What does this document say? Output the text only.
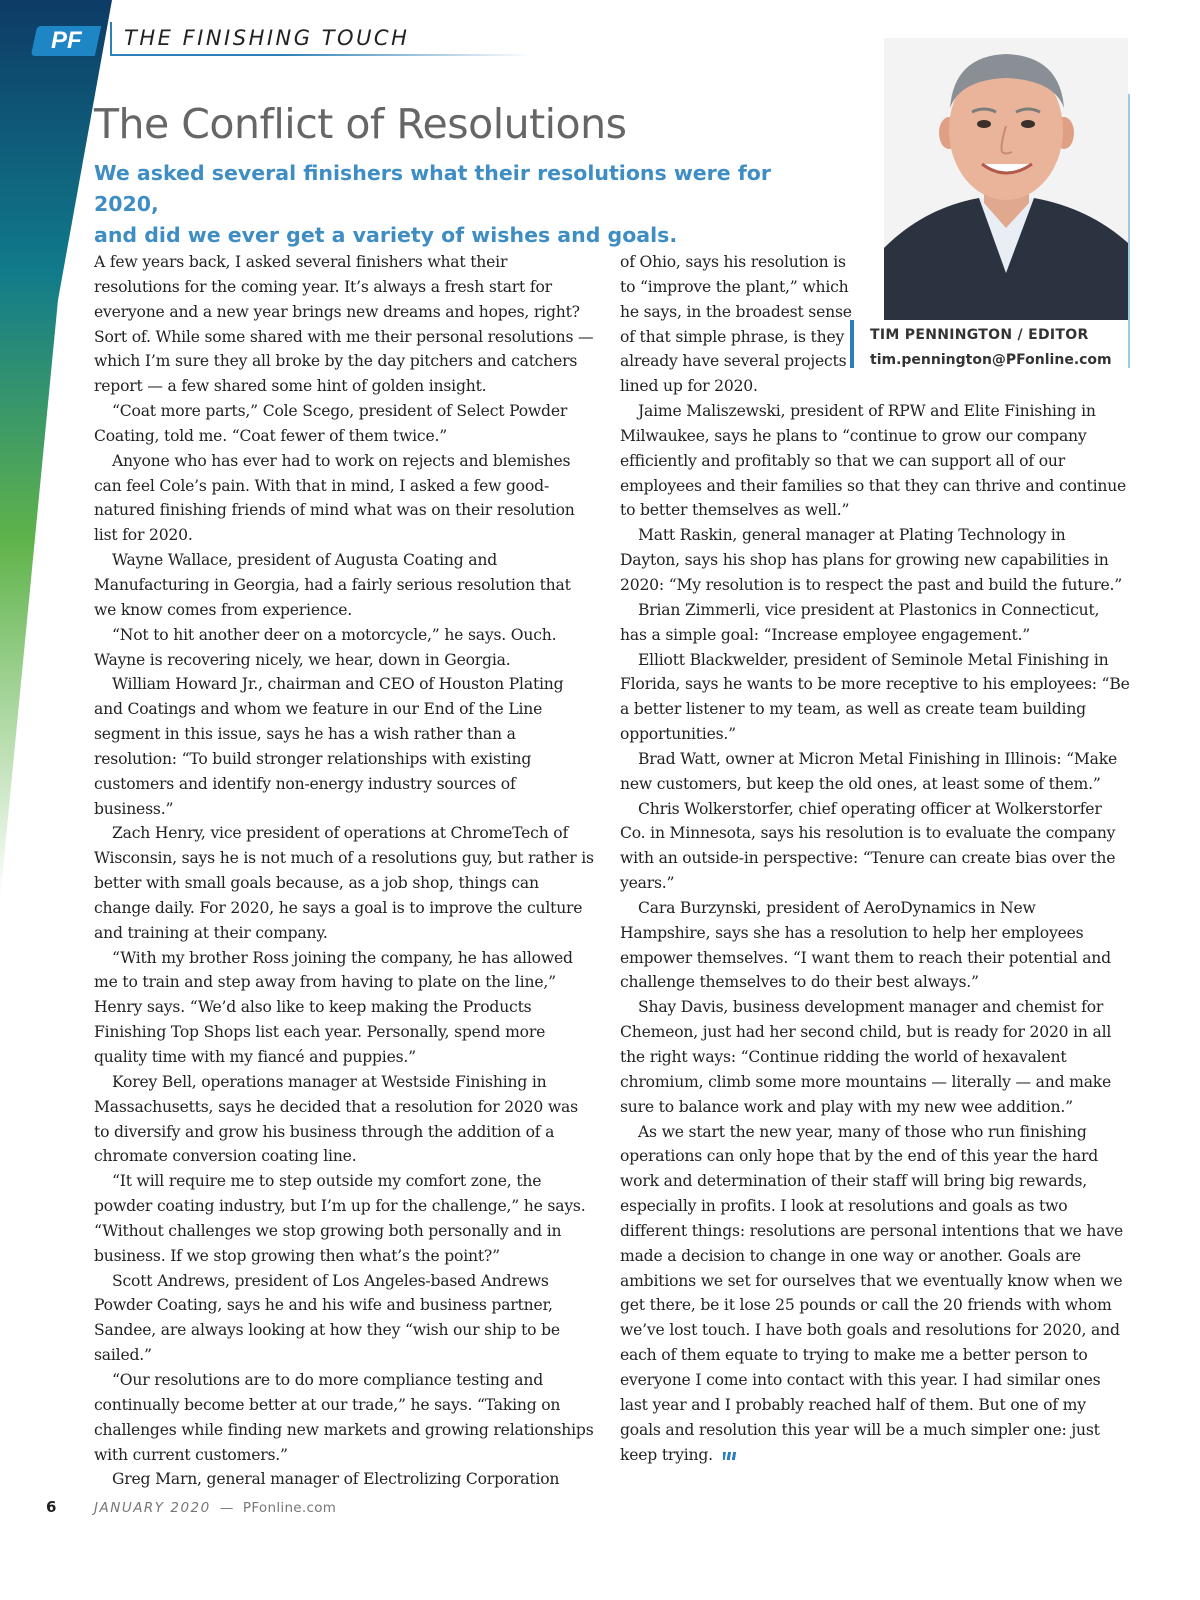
PF	THE FINISHING TOUCH
The Conflict of Resolutions

We asked several finishers what their resolutions were for 2020,
and did we ever get a variety of wishes and goals.

TIM PENNINGTON / EDITOR
tim.pennington@PFonline.com

A few years back, I asked several finishers what their resolutions for the coming year. It’s always a fresh start for everyone and a new year brings new dreams and hopes, right? Sort of. While some shared with me their personal resolutions — which I’m sure they all broke by the day pitchers and catchers report — a few shared some hint of golden insight.

“Coat more parts,” Cole Scego, president of Select Powder Coating, told me. “Coat fewer of them twice.”

Anyone who has ever had to work on rejects and blemishes can feel Cole’s pain. With that in mind, I asked a few good-natured finishing friends of mind what was on their resolution list for 2020.

Wayne Wallace, president of Augusta Coating and Manufacturing in Georgia, had a fairly serious resolution that we know comes from experience.

“Not to hit another deer on a motorcycle,” he says. Ouch. Wayne is recovering nicely, we hear, down in Georgia.

William Howard Jr., chairman and CEO of Houston Plating and Coatings and whom we feature in our End of the Line segment in this issue, says he has a wish rather than a resolution: “To build stronger relationships with existing customers and identify non-energy industry sources of business.”

Zach Henry, vice president of operations at ChromeTech of Wisconsin, says he is not much of a resolutions guy, but rather is better with small goals because, as a job shop, things can change daily. For 2020, he says a goal is to improve the culture and training at their company.

“With my brother Ross joining the company, he has allowed me to train and step away from having to plate on the line,” Henry says. “We’d also like to keep making the Products Finishing Top Shops list each year. Personally, spend more quality time with my fiancé and puppies.”

Korey Bell, operations manager at Westside Finishing in Massachusetts, says he decided that a resolution for 2020 was to diversify and grow his business through the addition of a chromate conversion coating line.

“It will require me to step outside my comfort zone, the powder coating industry, but I’m up for the challenge,” he says. “Without challenges we stop growing both personally and in business. If we stop growing then what’s the point?”

Scott Andrews, president of Los Angeles-based Andrews Powder Coating, says he and his wife and business partner, Sandee, are always looking at how they “wish our ship to be sailed.”

“Our resolutions are to do more compliance testing and continually become better at our trade,” he says. “Taking on challenges while finding new markets and growing relationships with current customers.”

Greg Marn, general manager of Electrolizing Corporation

of Ohio, says his resolution is to “improve the plant,” which he says, in the broadest sense of that simple phrase, is they already have several projects lined up for 2020.

Jaime Maliszewski, president of RPW and Elite Finishing in Milwaukee, says he plans to “continue to grow our company efficiently and profitably so that we can support all of our employees and their families so that they can thrive and continue to better themselves as well.”

Matt Raskin, general manager at Plating Technology in Dayton, says his shop has plans for growing new capabilities in 2020: “My resolution is to respect the past and build the future.”

Brian Zimmerli, vice president at Plastonics in Connecticut, has a simple goal: “Increase employee engagement.”

Elliott Blackwelder, president of Seminole Metal Finishing in Florida, says he wants to be more receptive to his employees: “Be a better listener to my team, as well as create team building opportunities.”

Brad Watt, owner at Micron Metal Finishing in Illinois: “Make new customers, but keep the old ones, at least some of them.”

Chris Wolkerstorfer, chief operating officer at Wolkerstorfer Co. in Minnesota, says his resolution is to evaluate the company with an outside-in perspective: “Tenure can create bias over the years.”

Cara Burzynski, president of AeroDynamics in New Hampshire, says she has a resolution to help her employees empower themselves. “I want them to reach their potential and challenge themselves to do their best always.”

Shay Davis, business development manager and chemist for Chemeon, just had her second child, but is ready for 2020 in all the right ways: “Continue ridding the world of hexavalent chromium, climb some more mountains — literally — and make sure to balance work and play with my new wee addition.”

As we start the new year, many of those who run finishing operations can only hope that by the end of this year the hard work and determination of their staff will bring big rewards, especially in profits. I look at resolutions and goals as two different things: resolutions are personal intentions that we have made a decision to change in one way or another. Goals are ambitions we set for ourselves that we eventually know when we get there, be it lose 25 pounds or call the 20 friends with whom we’ve lost touch. I have both goals and resolutions for 2020, and each of them equate to trying to make me a better person to everyone I come into contact with this year. I had similar ones last year and I probably reached half of them. But one of my goals and resolution this year will be a much simpler one: just keep trying.

6	JANUARY 2020 — PFonline.com
